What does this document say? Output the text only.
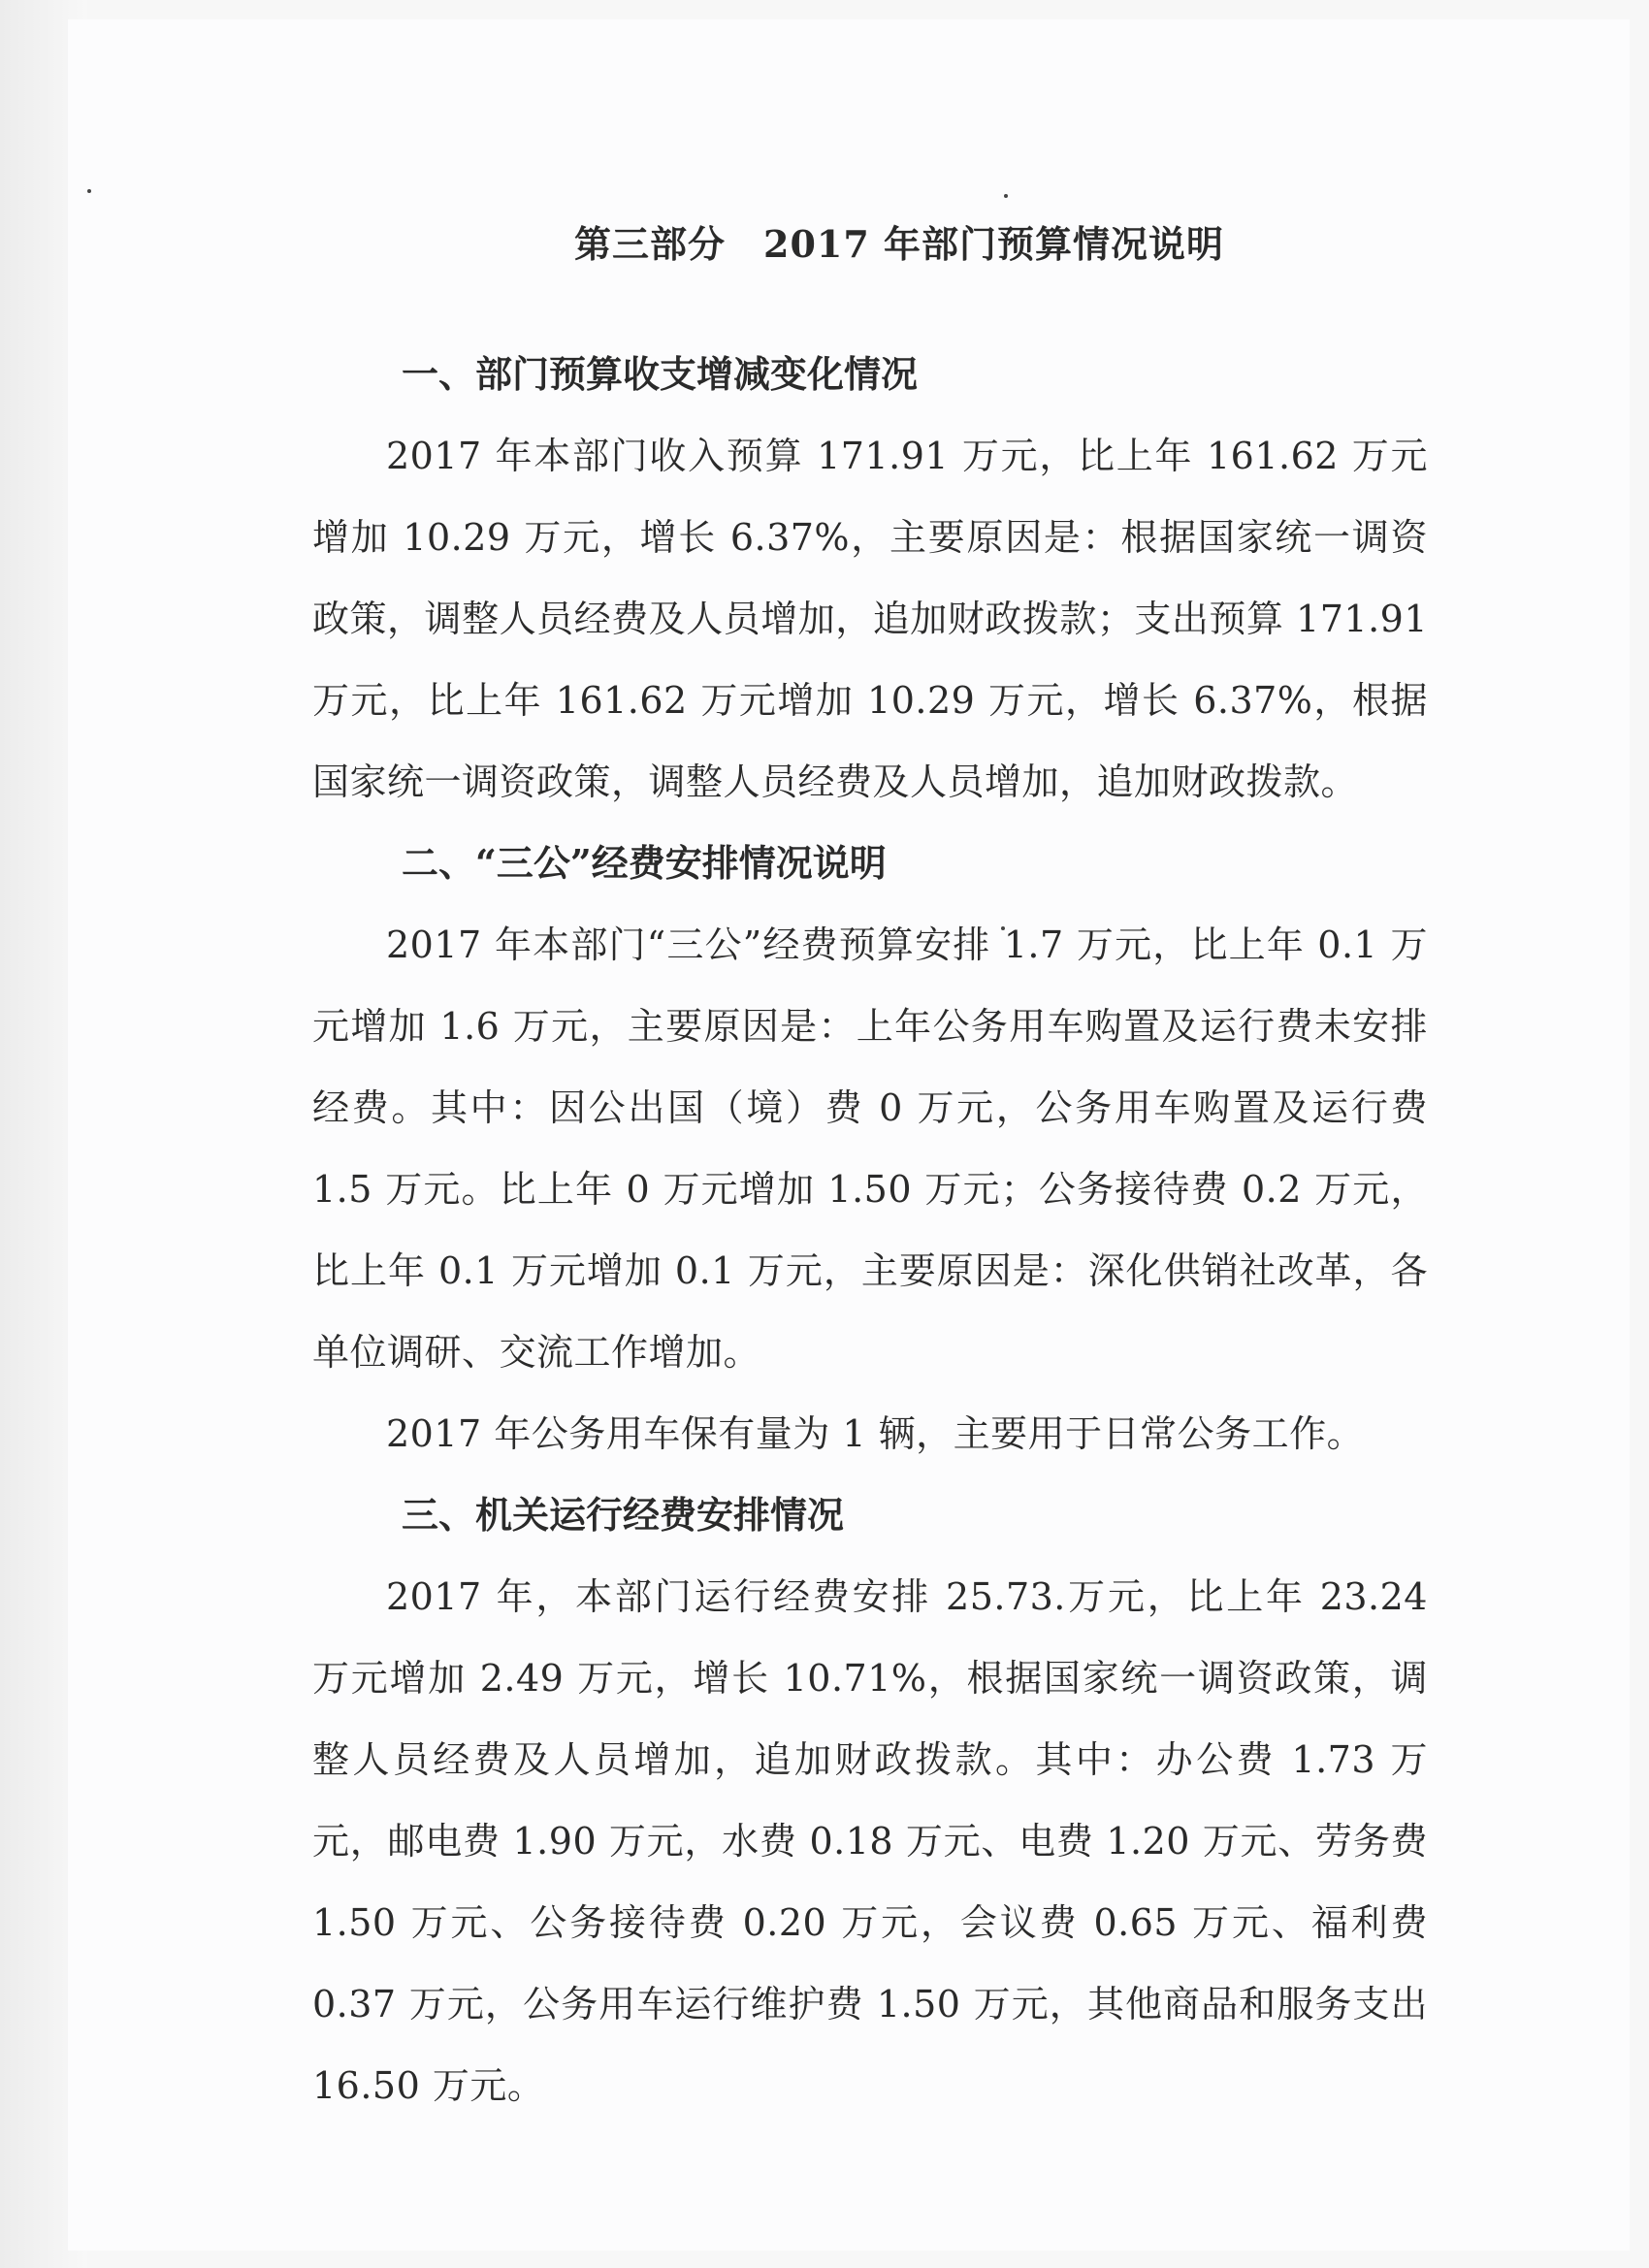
第三部分　2017 年部门预算情况说明
一、部门预算收支增减变化情况

2017 年本部门收入预算 171.91 万元，比上年 161.62 万元增加 10.29 万元，增长 6.37%，主要原因是：根据国家统一调资政策，调整人员经费及人员增加，追加财政拨款；支出预算 171.91 万元，比上年 161.62 万元增加 10.29 万元，增长 6.37%，根据国家统一调资政策，调整人员经费及人员增加，追加财政拨款。

二、“三公”经费安排情况说明

2017 年本部门“三公”经费预算安排 1.7 万元，比上年 0.1 万元增加 1.6 万元，主要原因是：上年公务用车购置及运行费未安排经费。其中：因公出国（境）费 0 万元，公务用车购置及运行费 1.5 万元。比上年 0 万元增加 1.50 万元；公务接待费 0.2 万元，比上年 0.1 万元增加 0.1 万元，主要原因是：深化供销社改革，各单位调研、交流工作增加。

2017 年公务用车保有量为 1 辆，主要用于日常公务工作。

三、机关运行经费安排情况

2017 年，本部门运行经费安排 25.73.万元，比上年 23.24 万元增加 2.49 万元，增长 10.71%，根据国家统一调资政策，调整人员经费及人员增加，追加财政拨款。其中：办公费 1.73 万元，邮电费 1.90 万元，水费 0.18 万元、电费 1.20 万元、劳务费 1.50 万元、公务接待费 0.20 万元，会议费 0.65 万元、福利费 0.37 万元，公务用车运行维护费 1.50 万元，其他商品和服务支出 16.50 万元。
